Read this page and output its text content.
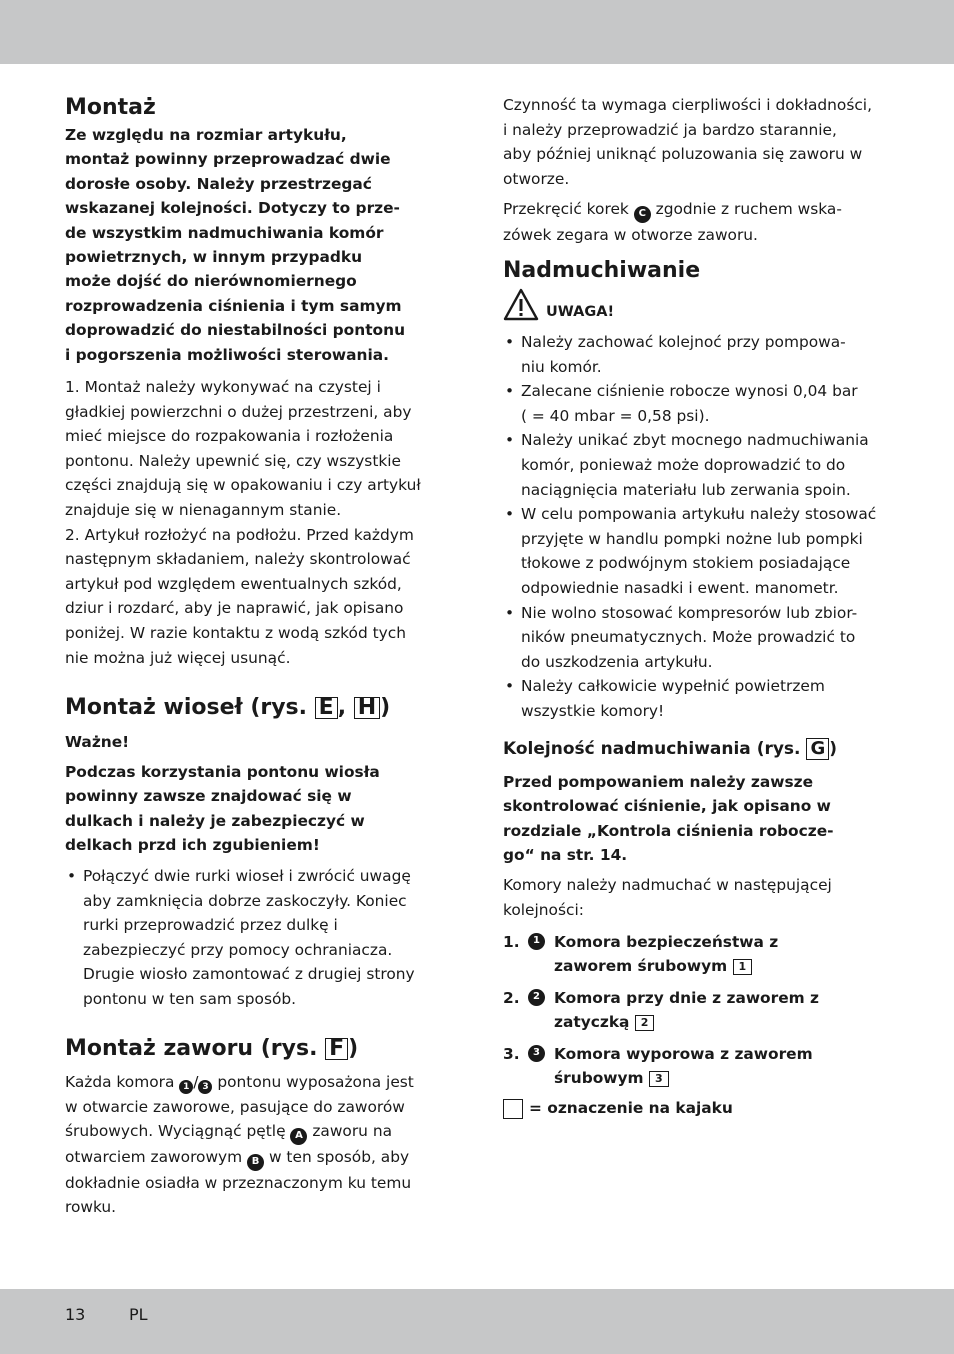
Montaż
Ze względu na rozmiar artykułu,
montaż powinny przeprowadzać dwie
dorosłe osoby. Należy przestrzegać
wskazanej kolejności. Dotyczy to prze-
de wszystkim nadmuchiwania komór
powietrznych, w innym przypadku
może dojść do nierównomiernego
rozprowadzenia ciśnienia i tym samym
doprowadzić do niestabilności pontonu
i pogorszenia możliwości sterowania.
1. Montaż należy wykonywać na czystej i
gładkiej powierzchni o dużej przestrzeni, aby
mieć miejsce do rozpakowania i rozłożenia
pontonu. Należy upewnić się, czy wszystkie
części znajdują się w opakowaniu i czy artykuł
znajduje się w nienagannym stanie.
2. Artykuł rozłożyć na podłożu. Przed każdym
następnym składaniem, należy skontrolować
artykuł pod względem ewentualnych szkód,
dziur i rozdarć, aby je naprawić, jak opisano
poniżej. W razie kontaktu z wodą szkód tych
nie można już więcej usunąć.
Montaż wioseł (rys. E , H )
Ważne!
Podczas korzystania pontonu wiosła
powinny zawsze znajdować się w
dulkach i należy je zabezpieczyć w
delkach przd ich zgubieniem!
• Połączyć dwie rurki wioseł i zwrócić uwagę
aby zamknięcia dobrze zaskoczyły. Koniec
rurki przeprowadzić przez dulkę i
zabezpieczyć przy pomocy ochraniacza.
Drugie wiosło zamontować z drugiej strony
pontonu w ten sam sposób.
Montaż zaworu (rys. F )
Każda komora 1 / 3 pontonu wyposażona jest
w otwarcie zaworowe, pasujące do zaworów
śrubowych. Wyciągnąć pętlę A zaworu na
otwarciem zaworowym B w ten sposób, aby
dokładnie osiadła w przeznaczonym ku temu
rowku.
Czynność ta wymaga cierpliwości i dokładności,
i należy przeprowadzić ja bardzo starannie,
aby później uniknąć poluzowania się zaworu w
otworze.
Przekręcić korek C zgodnie z ruchem wska-
zówek zegara w otworze zaworu.
Nadmuchiwanie
UWAGA!
• Należy zachować kolejnoć przy pompowa-
niu komór.
• Zalecane ciśnienie robocze wynosi 0,04 bar
( = 40 mbar = 0,58 psi).
• Należy unikać zbyt mocnego nadmuchiwania
komór, ponieważ może doprowadzić to do
naciągnięcia materiału lub zerwania spoin.
• W celu pompowania artykułu należy stosować
przyjęte w handlu pompki nożne lub pompki
tłokowe z podwójnym stokiem posiadające
odpowiednie nasadki i ewent. manometr.
• Nie wolno stosować kompresorów lub zbior-
ników pneumatycznych. Może prowadzić to
do uszkodzenia artykułu.
• Należy całkowicie wypełnić powietrzem
wszystkie komory!
Kolejność nadmuchiwania (rys. G )
Przed pompowaniem należy zawsze
skontrolować ciśnienie, jak opisano w
rozdziale „Kontrola ciśnienia robocze-
go“ na str. 14.
Komory należy nadmuchać w następującej
kolejności:
1.	1 Komora bezpieczeństwa z
zaworem śrubowym 1
2.	2 Komora przy dnie z zaworem z
zatyczką 2
3.	3 Komora wyporowa z zaworem
śrubowym 3
= oznaczenie na kajaku
13	PL
